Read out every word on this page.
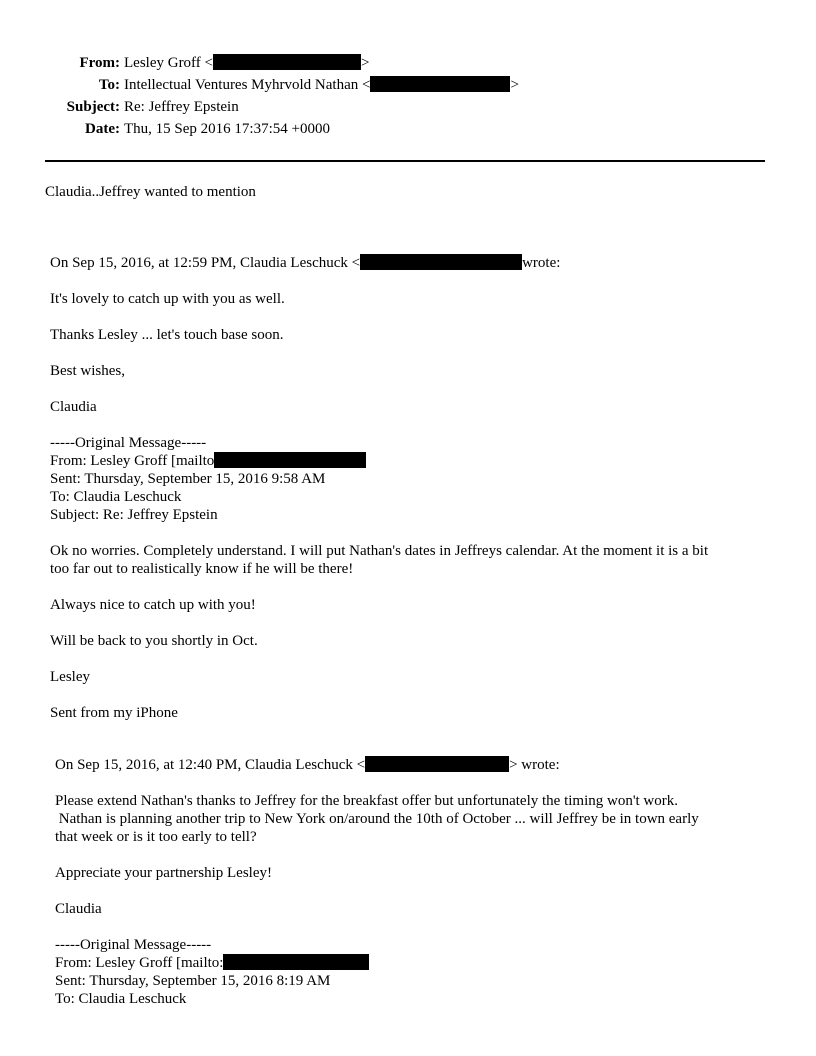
From: Lesley Groff <	>
To: Intellectual Ventures Myhrvold Nathan <	>
Subject: Re: Jeffrey Epstein
Date: Thu, 15 Sep 2016 17:37:54 +0000
Claudia..Jeffrey wanted to mention

On Sep 15, 2016, at 12:59 PM, Claudia Leschuck <	wrote:

It's lovely to catch up with you as well.

Thanks Lesley ... let's touch base soon.

Best wishes,

Claudia

-----Original Message-----

From: Lesley Groff [mailto

Sent: Thursday, September 15, 2016 9:58 AM

To: Claudia Leschuck

Subject: Re: Jeffrey Epstein

Ok no worries. Completely understand. I will put Nathan's dates in Jeffreys calendar. At the moment it is a bit

too far out to realistically know if he will be there!

Always nice to catch up with you!

Will be back to you shortly in Oct.

Lesley

Sent from my iPhone

On Sep 15, 2016, at 12:40 PM, Claudia Leschuck <	> wrote:

Please extend Nathan's thanks to Jeffrey for the breakfast offer but unfortunately the timing won't work.

Nathan is planning another trip to New York on/around the 10th of October ... will Jeffrey be in town early

that week or is it too early to tell?

Appreciate your partnership Lesley!

Claudia

-----Original Message-----

From: Lesley Groff [mailto:

Sent: Thursday, September 15, 2016 8:19 AM

To: Claudia Leschuck
